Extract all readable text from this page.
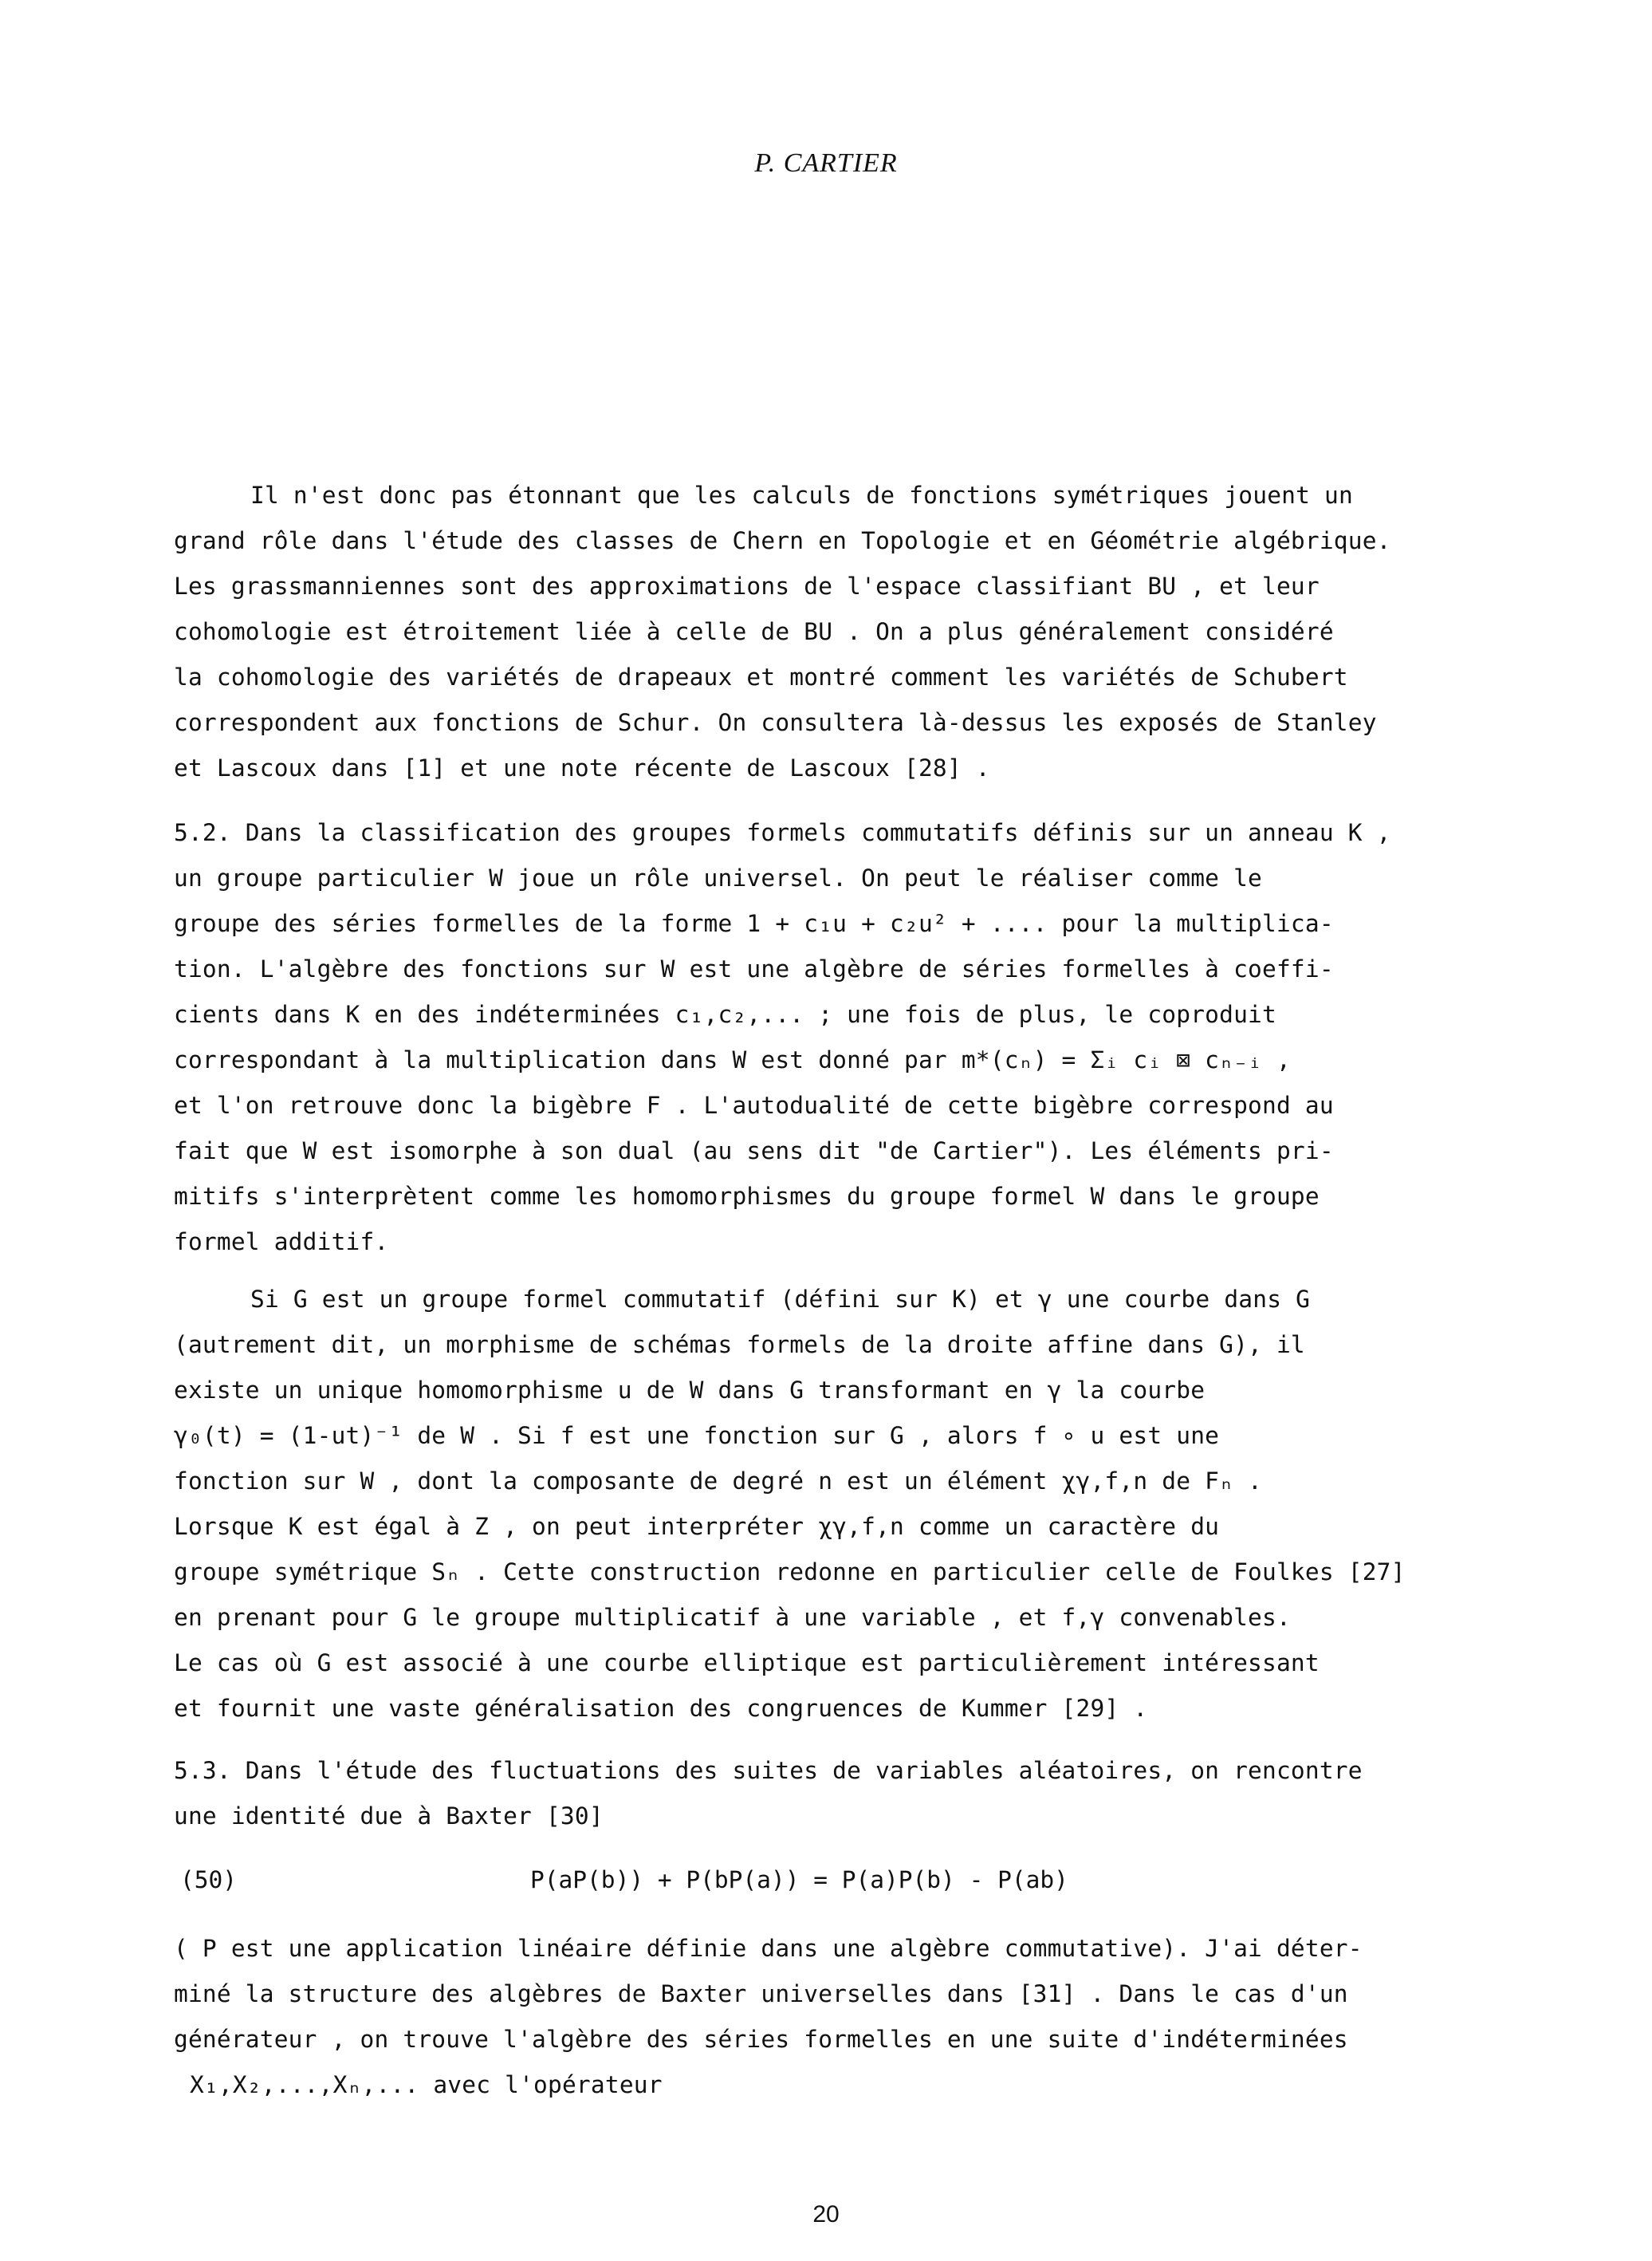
P. CARTIER
Il n'est donc pas étonnant que les calculs de fonctions symétriques jouent un
grand rôle dans l'étude des classes de Chern en Topologie et en Géométrie algébrique.
Les grassmanniennes sont des approximations de l'espace classifiant BU , et leur
cohomologie est étroitement liée à celle de BU . On a plus généralement considéré
la cohomologie des variétés de drapeaux et montré comment les variétés de Schubert
correspondent aux fonctions de Schur. On consultera là-dessus les exposés de Stanley
et Lascoux dans [1] et une note récente de Lascoux [28] .
5.2. Dans la classification des groupes formels commutatifs définis sur un anneau K ,
un groupe particulier W joue un rôle universel. On peut le réaliser comme le
groupe des séries formelles de la forme 1 + c₁u + c₂u² + .... pour la multiplica-
tion. L'algèbre des fonctions sur W est une algèbre de séries formelles à coeffi-
cients dans K en des indéterminées c₁,c₂,... ; une fois de plus, le coproduit
correspondant à la multiplication dans W est donné par m*(cₙ) = Σᵢ cᵢ ⊠ cₙ₋ᵢ ,
et l'on retrouve donc la bigèbre F . L'autodualité de cette bigèbre correspond au
fait que W est isomorphe à son dual (au sens dit "de Cartier"). Les éléments pri-
mitifs s'interprètent comme les homomorphismes du groupe formel W dans le groupe
formel additif.
Si G est un groupe formel commutatif (défini sur K) et γ une courbe dans G
(autrement dit, un morphisme de schémas formels de la droite affine dans G), il
existe un unique homomorphisme u de W dans G transformant en γ la courbe
γ₀(t) = (1-ut)⁻¹ de W . Si f est une fonction sur G , alors f ∘ u est une
fonction sur W , dont la composante de degré n est un élément χγ,f,n de Fₙ .
Lorsque K est égal à Z , on peut interpréter χγ,f,n comme un caractère du
groupe symétrique Sₙ . Cette construction redonne en particulier celle de Foulkes [27]
en prenant pour G le groupe multiplicatif à une variable , et f,γ convenables.
Le cas où G est associé à une courbe elliptique est particulièrement intéressant
et fournit une vaste généralisation des congruences de Kummer [29] .
5.3. Dans l'étude des fluctuations des suites de variables aléatoires, on rencontre
une identité due à Baxter [30]
(50)	P(aP(b)) + P(bP(a)) = P(a)P(b) - P(ab)
( P est une application linéaire définie dans une algèbre commutative). J'ai déter-
miné la structure des algèbres de Baxter universelles dans [31] . Dans le cas d'un
générateur , on trouve l'algèbre des séries formelles en une suite d'indéterminées
X₁,X₂,...,Xₙ,... avec l'opérateur
20
